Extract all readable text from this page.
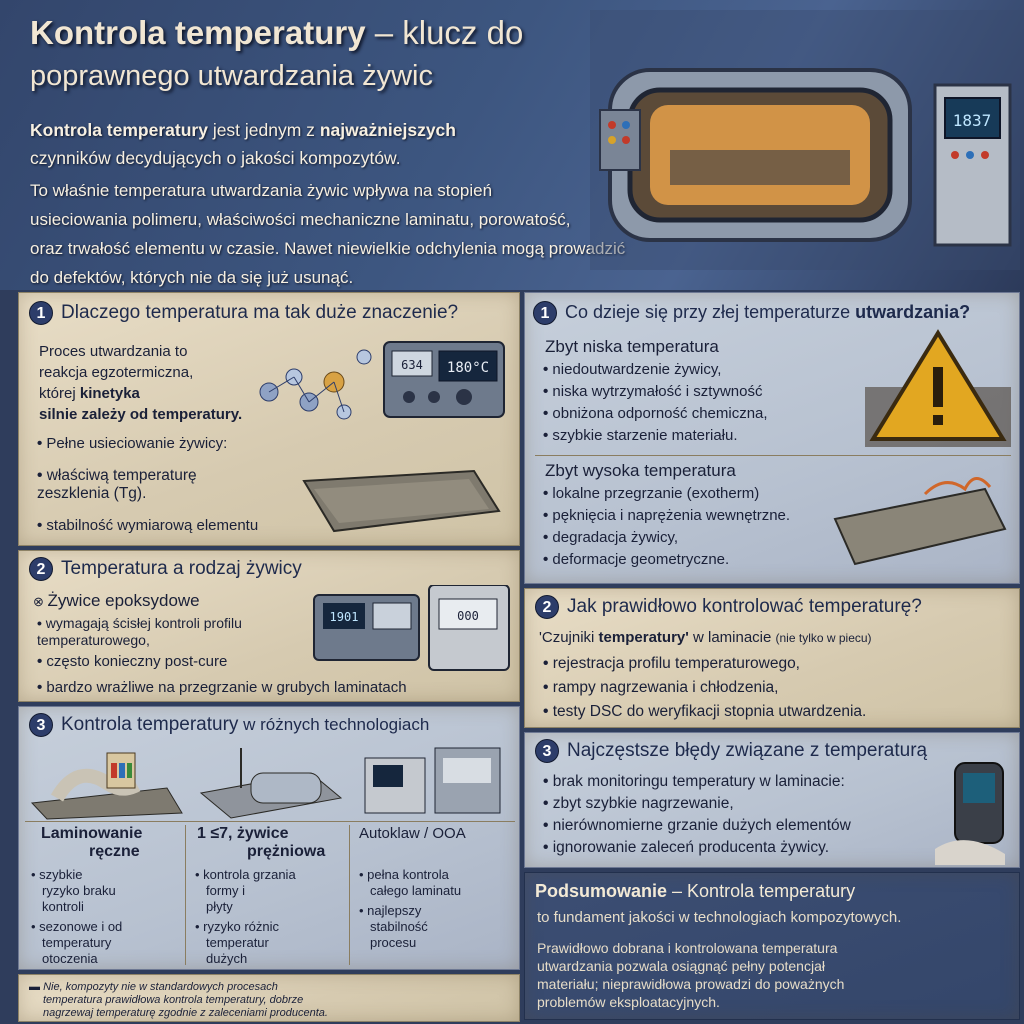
Kontrola temperatury – klucz do
poprawnego utwardzania żywic
Kontrola temperatury jest jednym z najważniejszych
czynników decydujących o jakości kompozytów.
To właśnie temperatura utwardzania żywic wpływa na stopień
usieciowania polimeru, właściwości mechaniczne laminatu, porowatość,
oraz trwałość elementu w czasie. Nawet niewielkie odchylenia mogą prowadzić
do defektów, których nie da się już usunąć.
1837
1 Dlaczego temperatura ma tak duże znaczenie?
Proces utwardzania to
reakcja egzotermiczna,
której kinetyka
silnie zależy od temperatury.
634 180°C
• Pełne usieciowanie żywicy:
• właściwą temperaturę zeszklenia (Tg).
• stabilność wymiarową elementu
1 Co dzieje się przy złej temperaturze utwardzania?
Zbyt niska temperatura
• niedoutwardzenie żywicy,
• niska wytrzymałość i sztywność
• obniżona odporność chemiczna,
• szybkie starzenie materiału.
Zbyt wysoka temperatura
• lokalne przegrzanie (exotherm)
• pęknięcia i naprężenia wewnętrzne.
• degradacja żywicy,
• deformacje geometryczne.
2 Temperatura a rodzaj żywicy
⊗ Żywice epoksydowe
• wymagają ścisłej kontroli profilu temperaturowego,
• często konieczny post-cure
• bardzo wrażliwe na przegrzanie w grubych laminatach
1901	000	2 Jak prawidłowo kontrolować temperaturę?
'Czujniki temperatury' w laminacie (nie tylko w piecu)
• rejestracja profilu temperaturowego,
• rampy nagrzewania i chłodzenia,
• testy DSC do weryfikacji stopnia utwardzenia.
3 Kontrola temperatury w różnych technologiach
Laminowanie
ręczne
• szybkie
ryzyko braku
kontroli
• sezonowe i od
temperatury
otoczenia
1 ≤7, żywice
prężniowa
• kontrola grzania
formy i
płyty
• ryzyko różnic
temperatur
dużych
Autoklaw / OOA
• pełna kontrola
całego laminatu
• najlepszy
stabilność
procesu
3 Najczęstsze błędy związane z temperaturą
• brak monitoringu temperatury w laminacie:
• zbyt szybkie nagrzewanie,
• nierównomierne grzanie dużych elementów
• ignorowanie zaleceń producenta żywicy.
Podsumowanie – Kontrola temperatury
to fundament jakości w technologiach kompozytowych.
Prawidłowo dobrana i kontrolowana temperatura
utwardzania pozwala osiągnąć pełny potencjał
materiału; nieprawidłowa prowadzi do poważnych
problemów eksploatacyjnych.
▬ Nie, kompozyty nie w standardowych procesach
temperatura prawidłowa kontrola temperatury, dobrze
nagrzewaj temperaturę zgodnie z zaleceniami producenta.
